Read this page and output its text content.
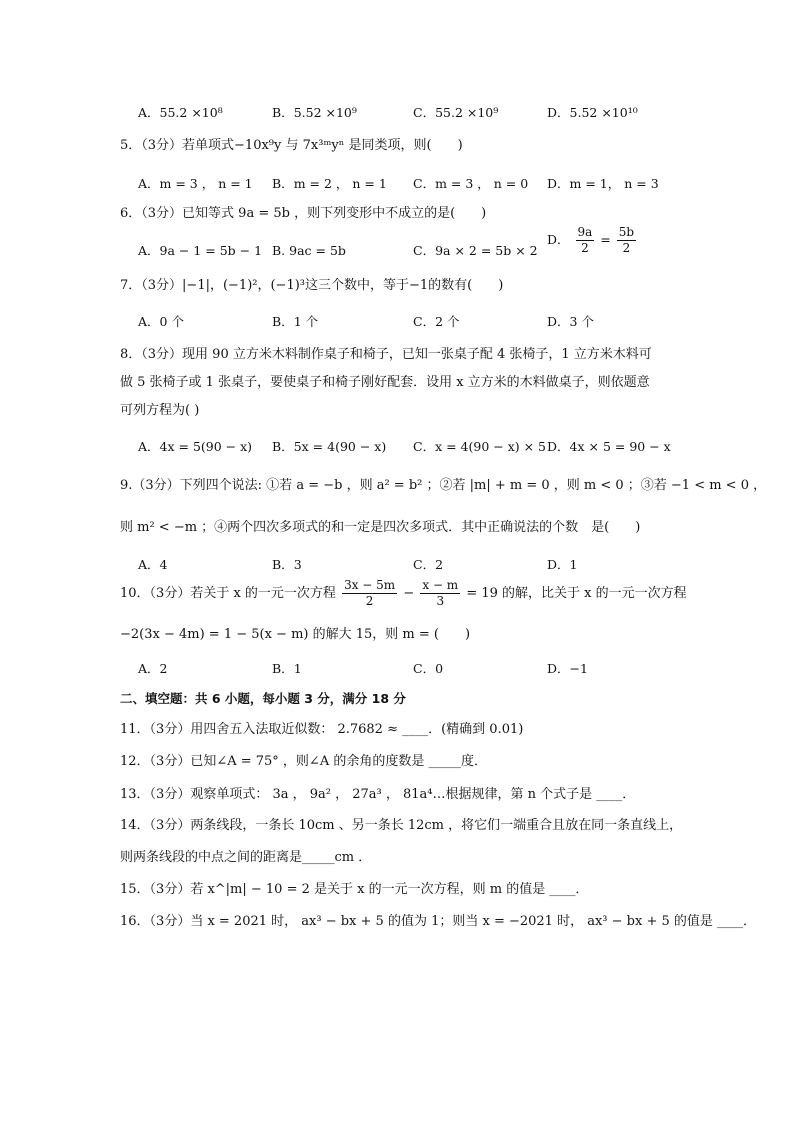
A．55.2 ×10⁸	B．5.52 ×10⁹	C．55.2 ×10⁹	D．5.52 ×10¹⁰
5．（3分）若单项式−10x⁹y 与 7x³ᵐyⁿ 是同类项，则(　　)
A．m = 3 ， n = 1 B．m = 2 ， n = 1 C．m = 3 ， n = 0 D．m = 1， n = 3
6．（3分）已知等式 9a = 5b ，则下列变形中不成立的是(　　)
A．9a − 1 = 5b − 1 B. 9ac = 5b	C．9a × 2 = 5b × 2
D． $\frac{9a}{2} = \frac{5b}{2}$
7．（3分）|−1|，(−1)²，(−1)³这三个数中，等于−1的数有(　　)
A．0 个	B．1 个	C．2 个	D．3 个
8．（3分）现用 90 立方米木料制作桌子和椅子，已知一张桌子配 4 张椅子，1 立方米木料可
做 5 张椅子或 1 张桌子，要使桌子和椅子刚好配套．设用 x 立方米的木料做桌子，则依题意
可列方程为( )
A．4x = 5(90 − x) B．5x = 4(90 − x) C．x = 4(90 − x) × 5 D．4x × 5 = 90 − x
9.（3分）下列四个说法: ①若 a = −b ，则 a² = b² ；②若 |m| + m = 0 ，则 m < 0 ；③若 −1 < m < 0 ，
则 m² < −m ；④两个四次多项式的和一定是四次多项式．其中正确说法的个数　是(　　)
A．4	B．3	C．2	D．1
10．（3分）若关于 x 的一元一次方程 $\frac{3x - 5m}{2} - \frac{x - m}{3} = 19$ 的解，比关于 x 的一元一次方程
−2(3x − 4m) = 1 − 5(x − m) 的解大 15，则 m = (　　)
A．2	B．1	C．0	D．−1
二、填空题：共 6 小题，每小题 3 分，满分 18 分
11．（3分）用四舍五入法取近似数： 2.7682 ≈ ____．(精确到 0.01)
12．（3分）已知∠A = 75° ，则∠A 的余角的度数是 _____度．
13．（3分）观察单项式： 3a ， 9a² ， 27a³ ， 81a⁴…根据规律，第 n 个式子是 ____．
14．（3分）两条线段，一条长 10cm 、另一条长 12cm ，将它们一端重合且放在同一条直线上，
则两条线段的中点之间的距离是_____cm ．
15．（3分）若 x^|m| − 10 = 2 是关于 x 的一元一次方程，则 m 的值是 ____．
16．（3分）当 x = 2021 时， ax³ − bx + 5 的值为 1；则当 x = −2021 时， ax³ − bx + 5 的值是 ____．
